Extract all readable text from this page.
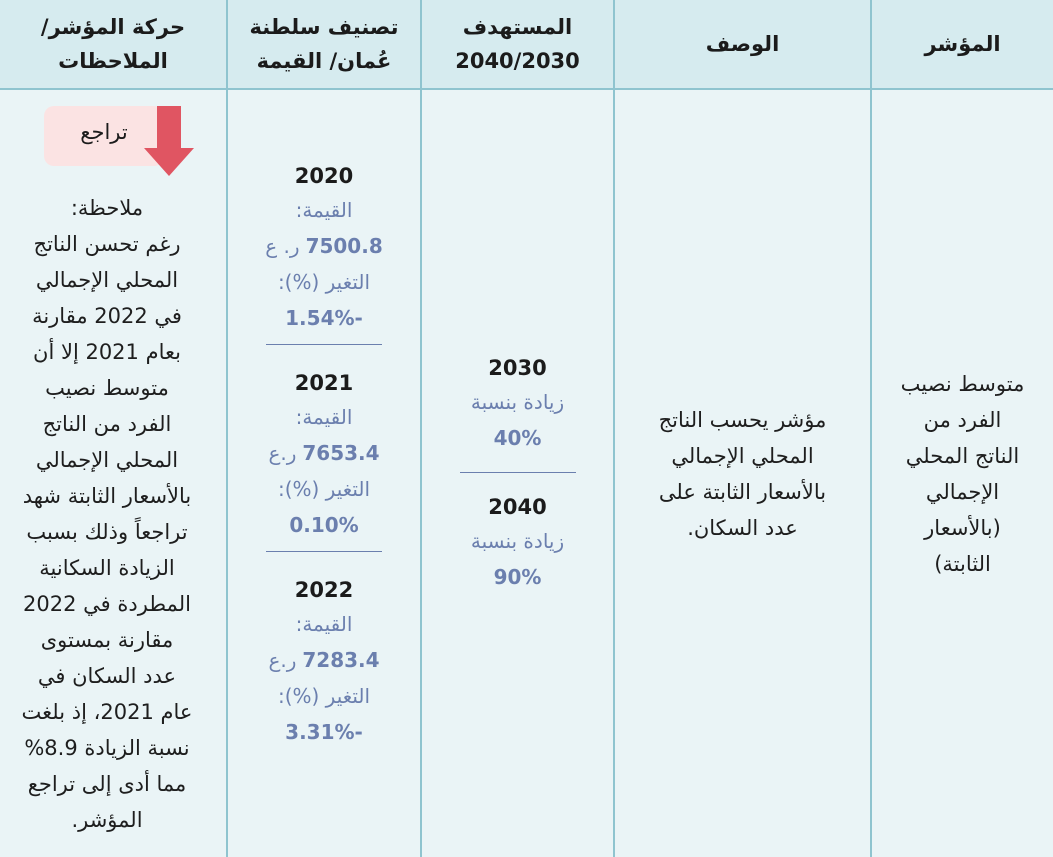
المؤشر
الوصف
المستهدف
2040/2030
تصنيف سلطنة
عُمان/ القيمة
حركة المؤشر/
الملاحظات
متوسط نصيب
الفرد من
الناتج المحلي
الإجمالي
(بالأسعار
الثابتة)
مؤشر يحسب الناتج
المحلي الإجمالي
بالأسعار الثابتة على
عدد السكان.
2030
زيادة بنسبة
40%
2040
زيادة بنسبة
90%
2020
القيمة:
7500.8
ر. ع
التغير (%):
-1.54%
2021
القيمة:
7653.4
ر.ع
التغير (%):
0.10%
2022
القيمة:
7283.4
ر.ع
التغير (%):
-3.31%
تراجع
ملاحظة:
رغم تحسن الناتج
المحلي الإجمالي
في 2022 مقارنة
بعام 2021 إلا أن
متوسط نصيب
الفرد من الناتج
المحلي الإجمالي
بالأسعار الثابتة شهد
تراجعاً وذلك بسبب
الزيادة السكانية
المطردة في 2022
مقارنة بمستوى
عدد السكان في
عام 2021، إذ بلغت
نسبة الزيادة 8.9%
مما أدى إلى تراجع
المؤشر.
